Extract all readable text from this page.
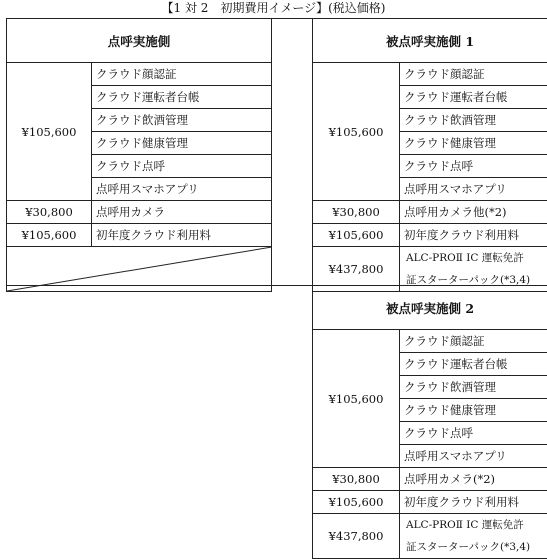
【1 対 2　初期費用イメージ】(税込価格)
点呼実施側	
¥105,600	クラウド顔認証
	クラウド運転者台帳
	クラウド飲酒管理
	クラウド健康管理
	クラウド点呼
	点呼用スマホアプリ
¥30,800	点呼用カメラ
¥105,600	初年度クラウド利用料

被点呼実施側 1	
¥105,600	クラウド顔認証
	クラウド運転者台帳
	クラウド飲酒管理
	クラウド健康管理
	クラウド点呼
	点呼用スマホアプリ
¥30,800	点呼用カメラ他(*2)
¥105,600	初年度クラウド利用料
¥437,800	ALC-PROⅡ IC 運転免許
証スターターパック(*3,4)
被点呼実施側 2	
¥105,600	クラウド顔認証
	クラウド運転者台帳
	クラウド飲酒管理
	クラウド健康管理
	クラウド点呼
	点呼用スマホアプリ
¥30,800	点呼用カメラ(*2)
¥105,600	初年度クラウド利用料
¥437,800	ALC-PROⅡ IC 運転免許
証スターターパック(*3,4)
